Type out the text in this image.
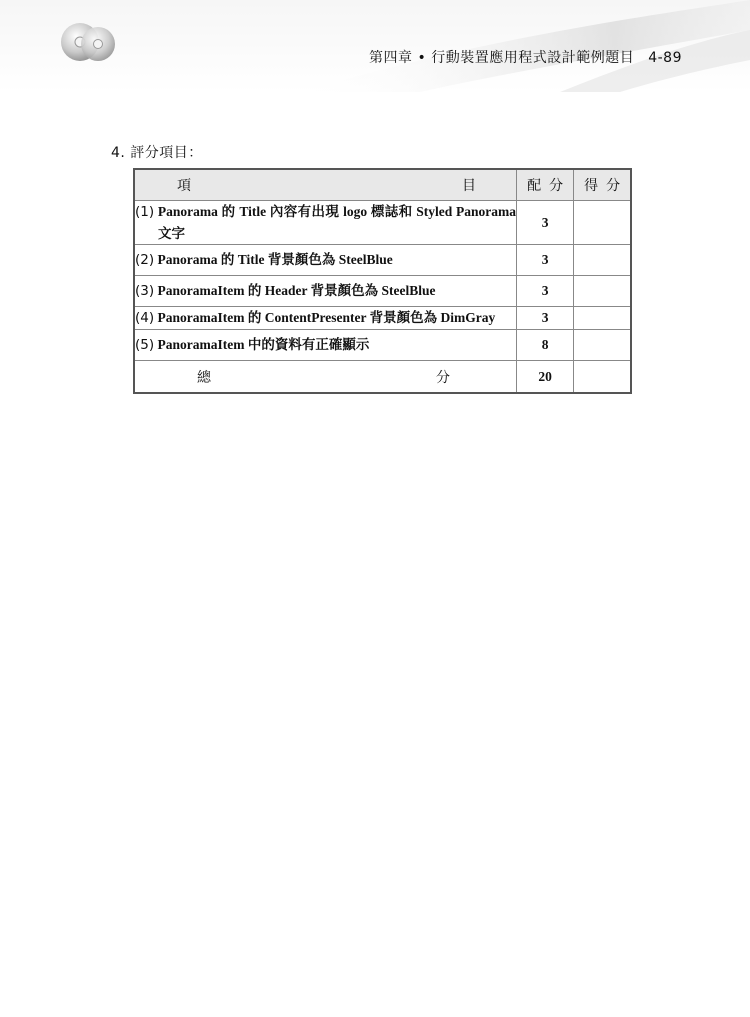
第四章 • 行動裝置應用程式設計範例題目 4-89
4. 評分項目：
項 目	配分	得分

(1) Panorama 的 Title 內容有出現 logo 標誌和 Styled Panorama 文字	3	
(2) Panorama 的 Title 背景顏色為 SteelBlue	3	
(3) PanoramaItem 的 Header 背景顏色為 SteelBlue	3	

(4) PanoramaItem 的 ContentPresenter 背景顏色為 DimGray	3	
(5) PanoramaItem 中的資料有正確顯示	8	

總 分	20	
